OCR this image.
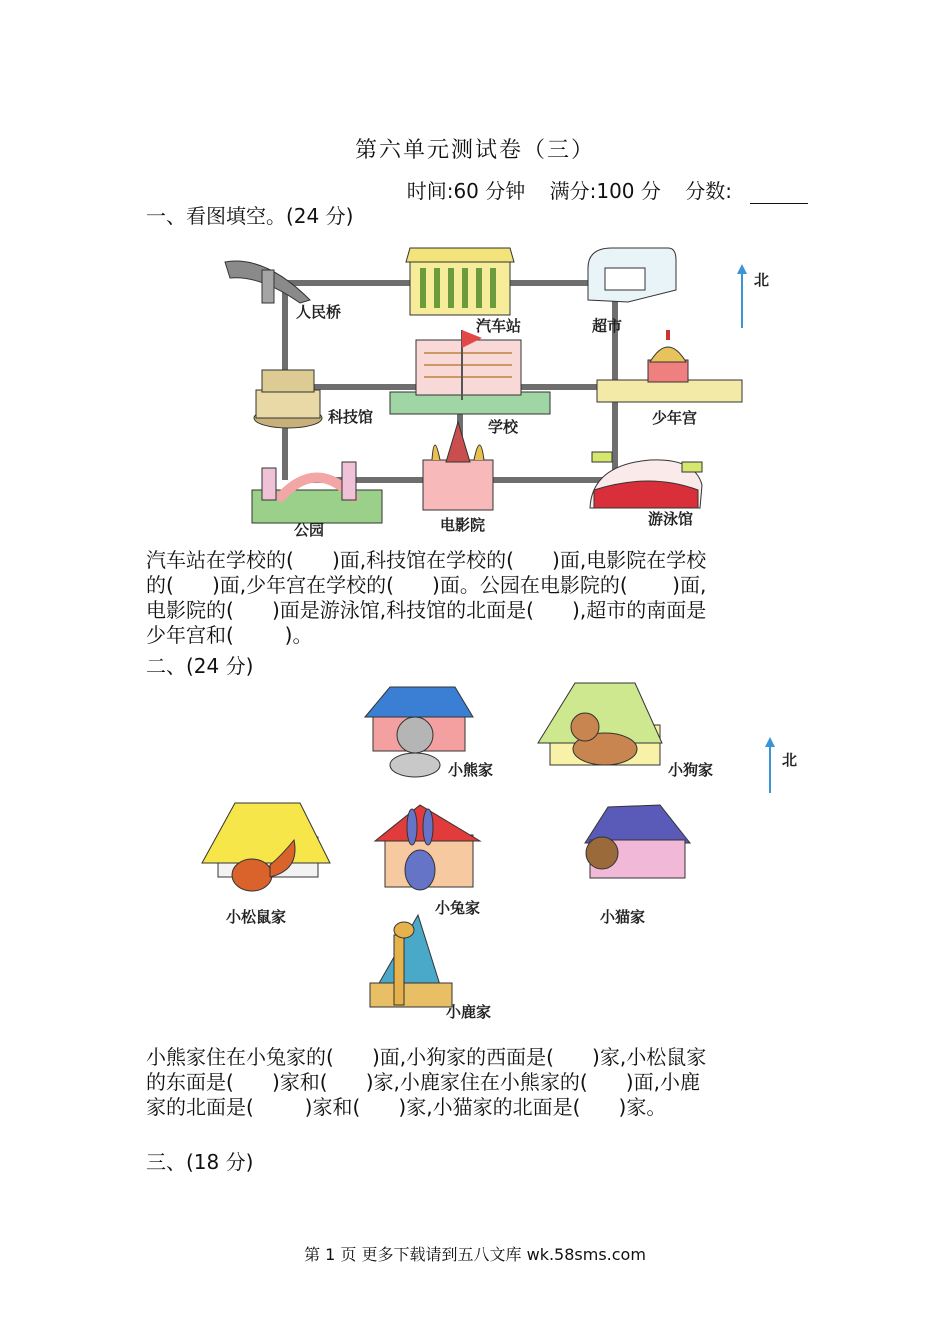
第六单元测试卷（三）
时间:60 分钟 满分:100 分 分数:
一、看图填空。(24 分)
人民桥
汽车站	超市
北
科技馆
学校	少年宫
公园	电影院	游泳馆
汽车站在学校的(      )面,科技馆在学校的(      )面,电影院在学校
的(      )面,少年宫在学校的(      )面。公园在电影院的(       )面,
电影院的(      )面是游泳馆,科技馆的北面是(      ),超市的南面是
少年宫和(        )。
二、(24 分)
小熊家	小狗家
北
小松鼠家	小兔家	小猫家
小鹿家
小熊家住在小兔家的(      )面,小狗家的西面是(      )家,小松鼠家
的东面是(      )家和(      )家,小鹿家住在小熊家的(      )面,小鹿
家的北面是(        )家和(      )家,小猫家的北面是(      )家。
三、(18 分)
第 1 页 更多下载请到五八文库 wk.58sms.com
